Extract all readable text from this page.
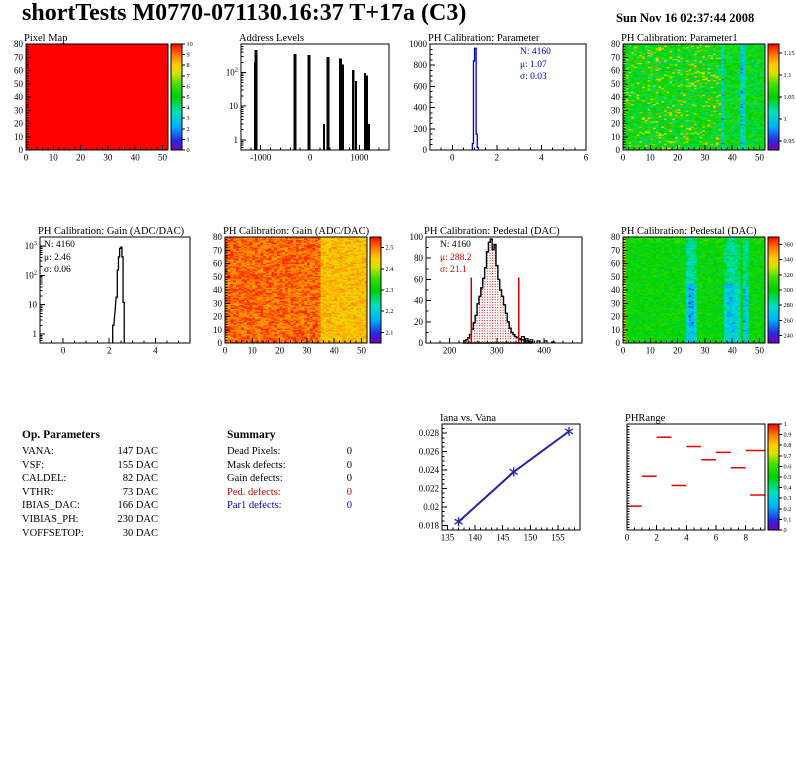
shortTests M0770-071130.16:37 T+17a (C3)	Sun Nov 16 02:37:44 2008
Pixel Map
0 10 20 30 40 50
0
10
20
30
40
50
60
70
80
0
1
2
3
4
5
6
7
8
9
10
Address Levels
-1000	0	1000
1
10
$10^2$
PH Calibration: Parameter
N: 4160
μ: 1.07
σ: 0.03
0	2	4	6
0
200
400
600
800
1000	PH Calibration: Parameter1
0 10 20 30 40 50
0
10
20
30
40
50
60
70
80
0.95
1
1.05
1.1
1.15
PH Calibration: Gain (ADC/DAC)
N: 4160
μ: 2.46
σ: 0.06
0	2	4
1
10
$10^2$
$10^3$
PH Calibration: Gain (ADC/DAC)
0 10 20 30 40 50
0
10
20
30
40
50
60
70
80
2.1
2.2
2.3
2.4
2.5
PH Calibration: Pedestal (DAC)
N: 4160
μ: 288.2
σ: 21.1
200	300	400
0
20
40
60
80
100	PH Calibration: Pedestal (DAC)
0 10 20 30 40 50
0
10
20
30
40
50
60
70
80
240
260
280
300
320
340
360
Op. Parameters
VANA:	147 DAC
VSF:	155 DAC
CALDEL:	82 DAC
VTHR:	73 DAC
IBIAS_DAC:	166 DAC
VIBIAS_PH:	230 DAC
VOFFSETOP:	30 DAC
Summary
Dead Pixels:	0
Mask defects:	0
Gain defects:	0
Ped. defects:	0
Par1 defects:	0
Iana vs. Vana
135 140 145 150 155
0.018
0.02
0.022
0.024
0.026
0.028
PHRange
0	2	4	6	8
0
0.1
0.2
0.3
0.4
0.5
0.6
0.7
0.8
0.9
1
